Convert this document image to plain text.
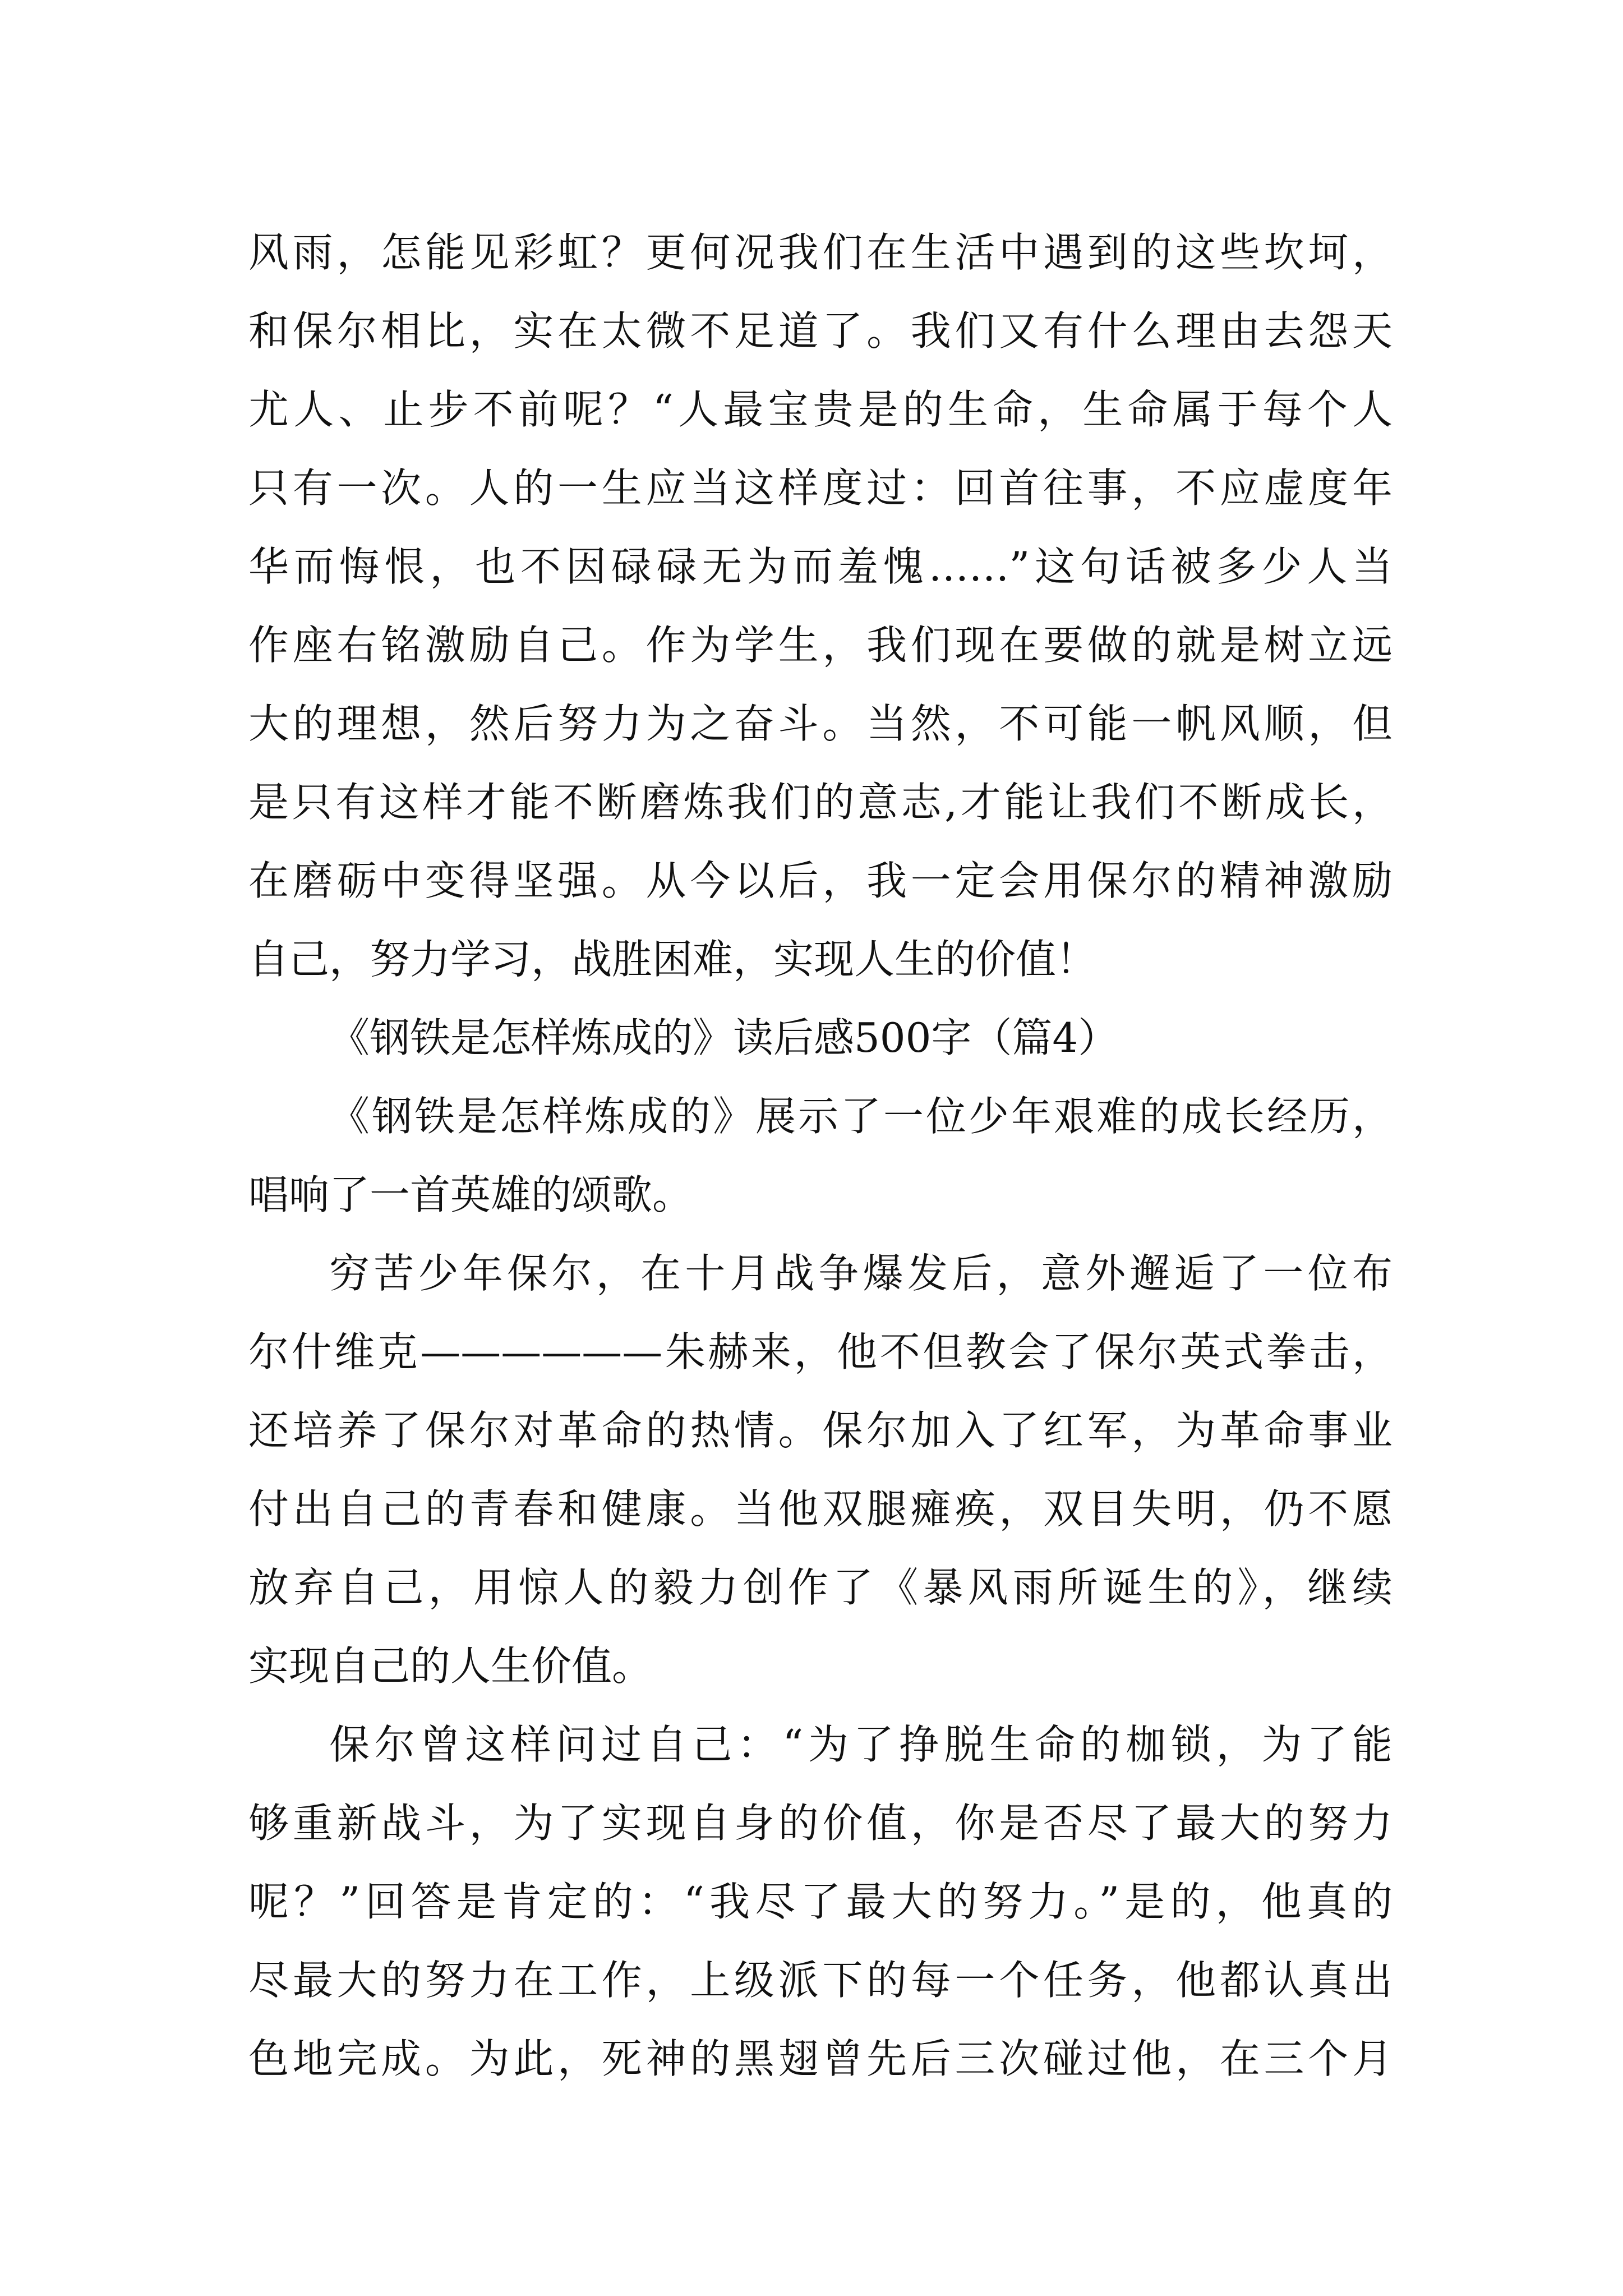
风雨，怎能见彩虹？更何况我们在生活中遇到的这些坎坷，
和保尔相比，实在太微不足道了。我们又有什么理由去怨天
尤人、止步不前呢？“人最宝贵是的生命，生命属于每个人
只有一次。人的一生应当这样度过：回首往事，不应虚度年
华而悔恨，也不因碌碌无为而羞愧……”这句话被多少人当
作座右铭激励自己。作为学生，我们现在要做的就是树立远
大的理想，然后努力为之奋斗。当然，不可能一帆风顺，但
是只有这样才能不断磨炼我们的意志,才能让我们不断成长，
在磨砺中变得坚强。从今以后，我一定会用保尔的精神激励
自己，努力学习，战胜困难，实现人生的价值！
《钢铁是怎样炼成的》读后感500字（篇4）
《钢铁是怎样炼成的》展示了一位少年艰难的成长经历，
唱响了一首英雄的颂歌。
穷苦少年保尔，在十月战争爆发后，意外邂逅了一位布
尔什维克——————朱赫来，他不但教会了保尔英式拳击，
还培养了保尔对革命的热情。保尔加入了红军，为革命事业
付出自己的青春和健康。当他双腿瘫痪，双目失明，仍不愿
放弃自己，用惊人的毅力创作了《暴风雨所诞生的》，继续
实现自己的人生价值。
保尔曾这样问过自己：“为了挣脱生命的枷锁，为了能
够重新战斗，为了实现自身的价值，你是否尽了最大的努力
呢？”回答是肯定的：“我尽了最大的努力。”是的，他真的
尽最大的努力在工作，上级派下的每一个任务，他都认真出
色地完成。为此，死神的黑翅曾先后三次碰过他，在三个月
